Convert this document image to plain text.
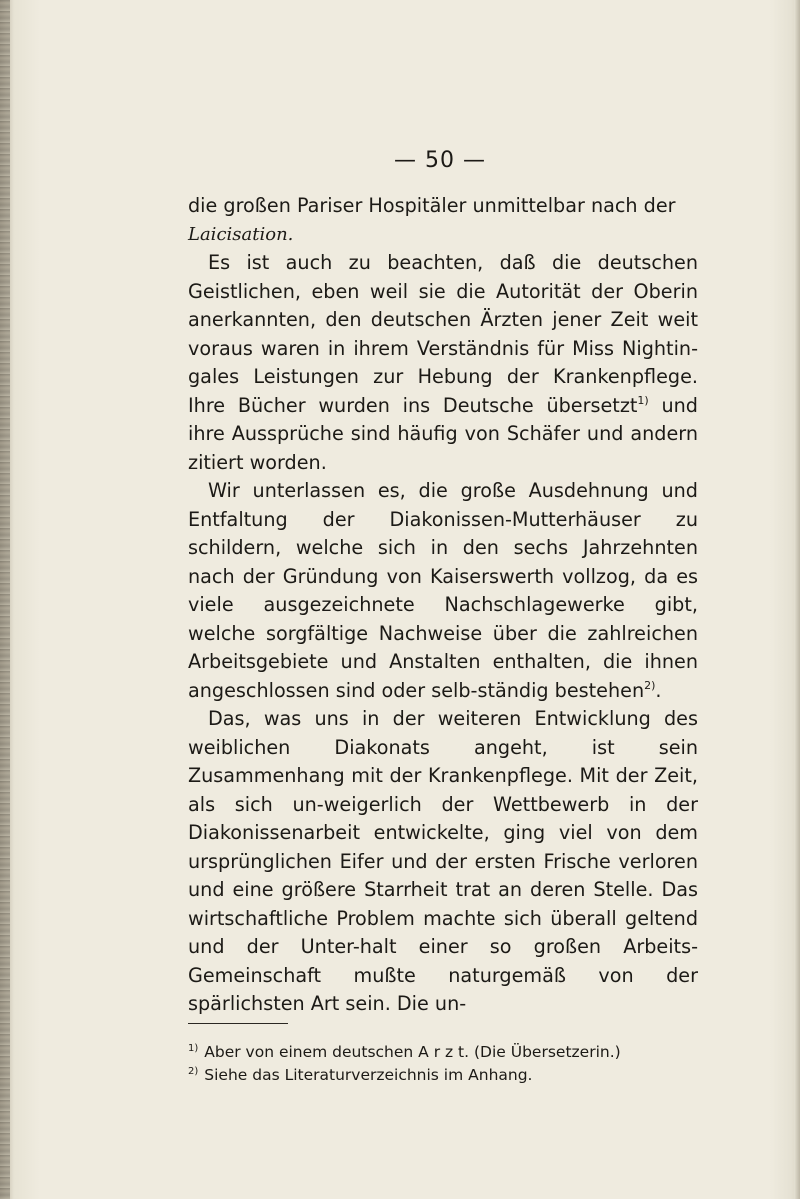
— 50 —

die großen Pariser Hospitäler unmittelbar nach der
Laicisation.

Es ist auch zu beachten, daß die deutschen Geistlichen, eben weil sie die Autorität der Oberin anerkannten, den deutschen Ärzten jener Zeit weit voraus waren in ihrem Verständnis für Miss Nightin-gales Leistungen zur Hebung der Krankenpflege. Ihre Bücher wurden ins Deutsche übersetzt$^{1)}$ und ihre Aussprüche sind häufig von Schäfer und andern zitiert worden.

Wir unterlassen es, die große Ausdehnung und Entfaltung der Diakonissen-Mutterhäuser zu schildern, welche sich in den sechs Jahrzehnten nach der Gründung von Kaiserswerth vollzog, da es viele ausgezeichnete Nachschlagewerke gibt, welche sorgfältige Nachweise über die zahlreichen Arbeitsgebiete und Anstalten enthalten, die ihnen angeschlossen sind oder selb-ständig bestehen$^{2)}$.

Das, was uns in der weiteren Entwicklung des weiblichen Diakonats angeht, ist sein Zusammenhang mit der Krankenpflege. Mit der Zeit, als sich un-weigerlich der Wettbewerb in der Diakonissenarbeit entwickelte, ging viel von dem ursprünglichen Eifer und der ersten Frische verloren und eine größere Starrheit trat an deren Stelle. Das wirtschaftliche Problem machte sich überall geltend und der Unter-halt einer so großen Arbeits-Gemeinschaft mußte naturgemäß von der spärlichsten Art sein. Die un-

$^{1)}$ Aber von einem deutschen A r z t. (Die Übersetzerin.)
$^{2)}$ Siehe das Literaturverzeichnis im Anhang.
